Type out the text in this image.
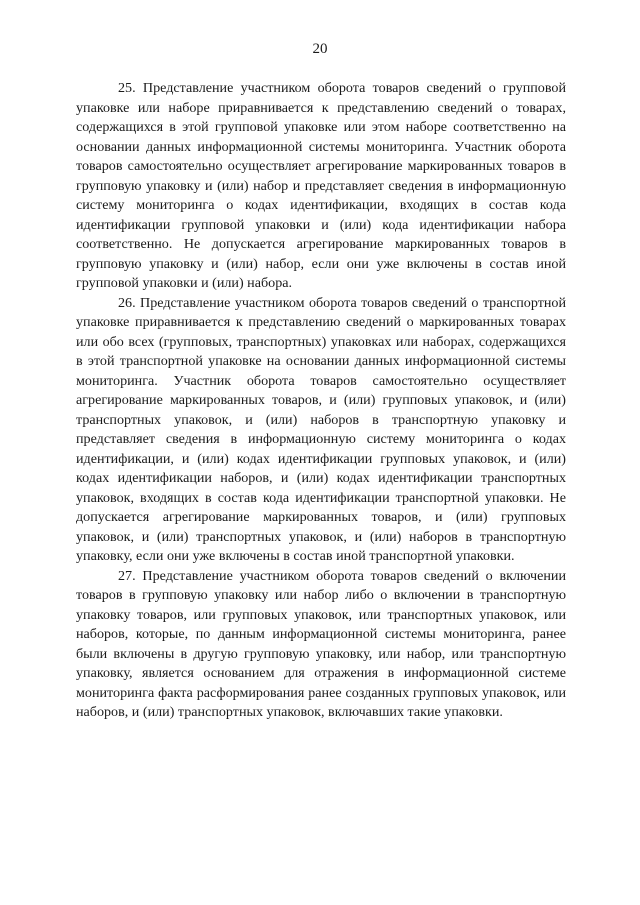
20

25. Представление участником оборота товаров сведений о групповой упаковке или наборе приравнивается к представлению сведений о товарах, содержащихся в этой групповой упаковке или этом наборе соответственно на основании данных информационной системы мониторинга. Участник оборота товаров самостоятельно осуществляет агрегирование маркированных товаров в групповую упаковку и (или) набор и представляет сведения в информационную систему мониторинга о кодах идентификации, входящих в состав кода идентификации групповой упаковки и (или) кода идентификации набора соответственно. Не допускается агрегирование маркированных товаров в групповую упаковку и (или) набор, если они уже включены в состав иной групповой упаковки и (или) набора.

26. Представление участником оборота товаров сведений о транспортной упаковке приравнивается к представлению сведений о маркированных товарах или обо всех (групповых, транспортных) упаковках или наборах, содержащихся в этой транспортной упаковке на основании данных информационной системы мониторинга. Участник оборота товаров самостоятельно осуществляет агрегирование маркированных товаров, и (или) групповых упаковок, и (или) транспортных упаковок, и (или) наборов в транспортную упаковку и представляет сведения в информационную систему мониторинга о кодах идентификации, и (или) кодах идентификации групповых упаковок, и (или) кодах идентификации наборов, и (или) кодах идентификации транспортных упаковок, входящих в состав кода идентификации транспортной упаковки. Не допускается агрегирование маркированных товаров, и (или) групповых упаковок, и (или) транспортных упаковок, и (или) наборов в транспортную упаковку, если они уже включены в состав иной транспортной упаковки.

27. Представление участником оборота товаров сведений о включении товаров в групповую упаковку или набор либо о включении в транспортную упаковку товаров, или групповых упаковок, или транспортных упаковок, или наборов, которые, по данным информационной системы мониторинга, ранее были включены в другую групповую упаковку, или набор, или транспортную упаковку, является основанием для отражения в информационной системе мониторинга факта расформирования ранее созданных групповых упаковок, или наборов, и (или) транспортных упаковок, включавших такие упаковки.
